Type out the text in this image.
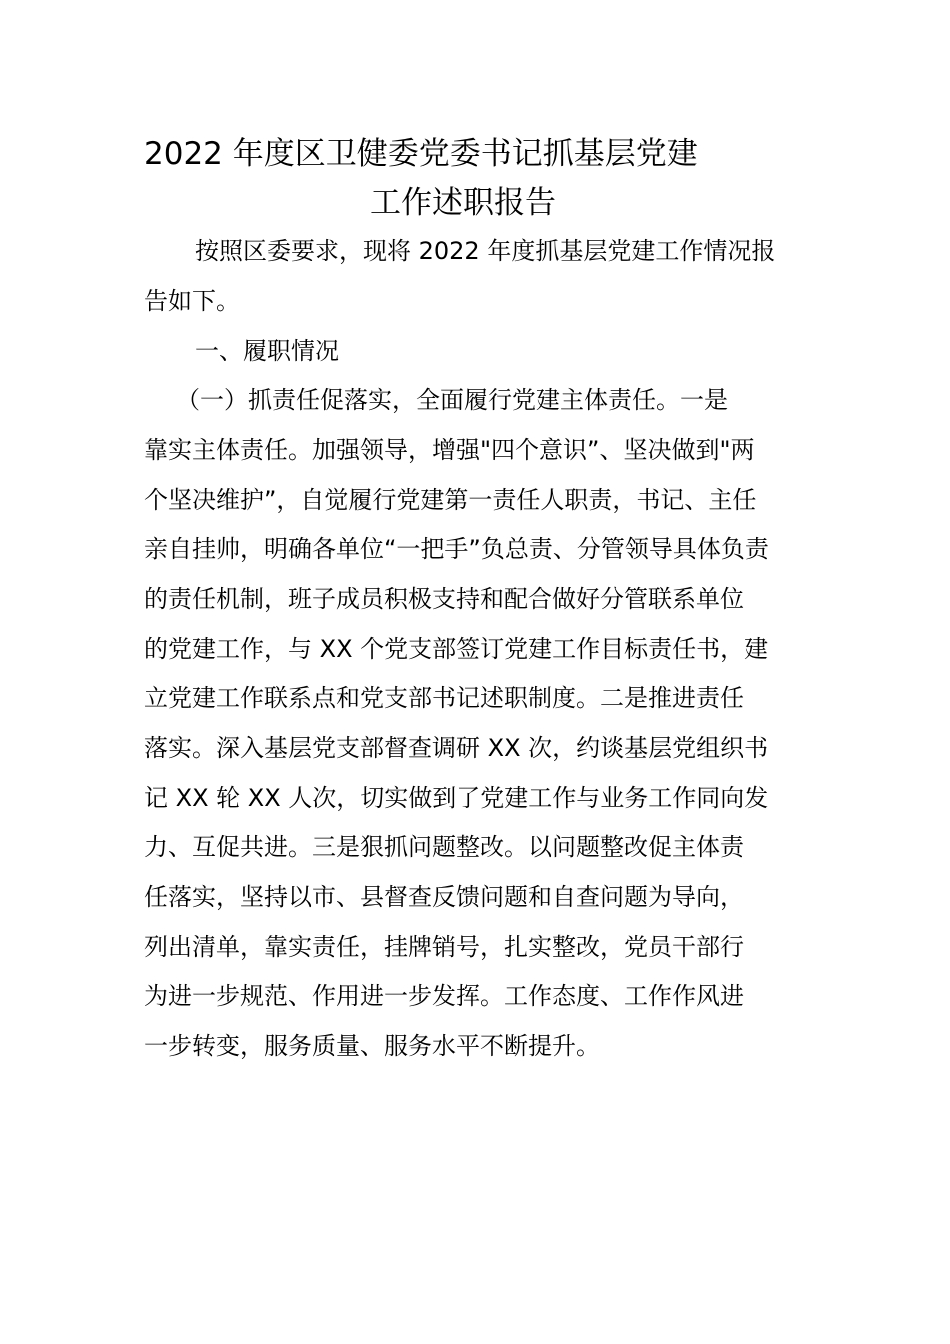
2022 年度区卫健委党委书记抓基层党建
工作述职报告
按照区委要求，现将 2022 年度抓基层党建工作情况报
告如下。
一、履职情况
（一）抓责任促落实，全面履行党建主体责任。一是
靠实主体责任。加强领导，增强"四个意识”、坚决做到"两
个坚决维护”，自觉履行党建第一责任人职责，书记、主任
亲自挂帅，明确各单位“一把手”负总责、分管领导具体负责
的责任机制，班子成员积极支持和配合做好分管联系单位
的党建工作，与 XX 个党支部签订党建工作目标责任书，建
立党建工作联系点和党支部书记述职制度。二是推进责任
落实。深入基层党支部督查调研 XX 次，约谈基层党组织书
记 XX 轮 XX 人次，切实做到了党建工作与业务工作同向发
力、互促共进。三是狠抓问题整改。以问题整改促主体责
任落实，坚持以市、县督查反馈问题和自查问题为导向，
列出清单，靠实责任，挂牌销号，扎实整改，党员干部行
为进一步规范、作用进一步发挥。工作态度、工作作风进
一步转变，服务质量、服务水平不断提升。
